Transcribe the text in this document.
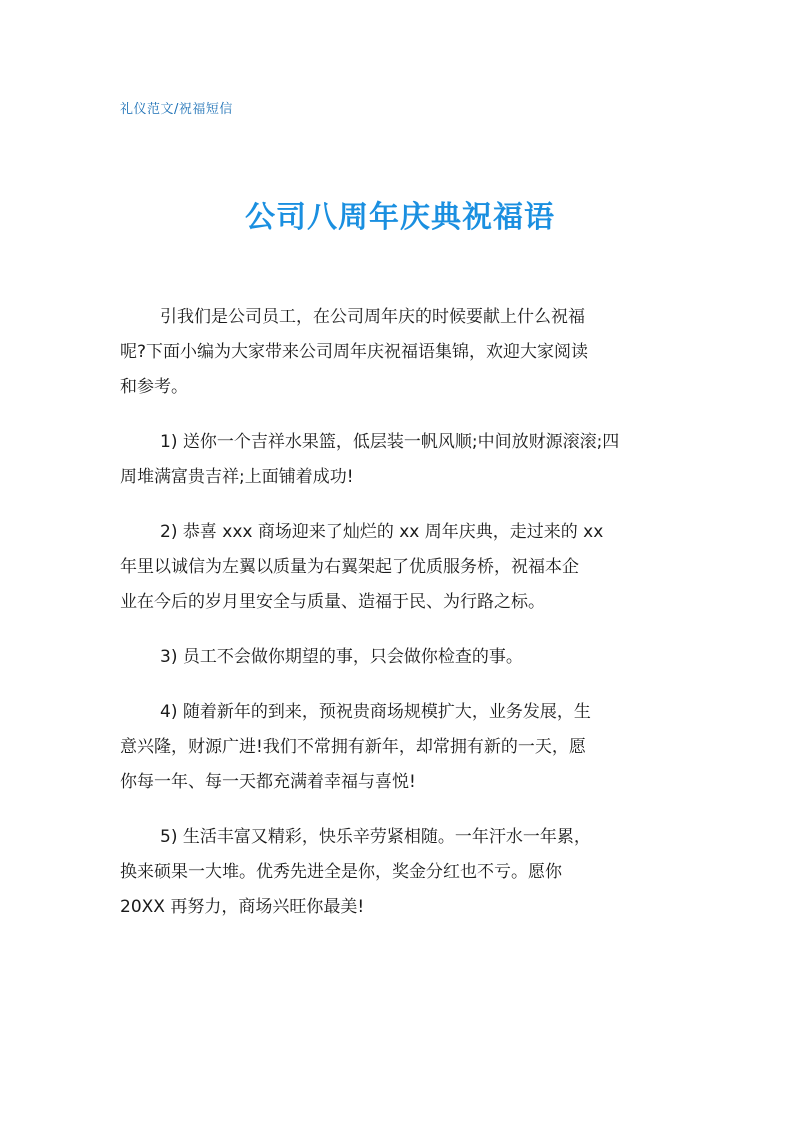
礼仪范文/祝福短信
公司八周年庆典祝福语

引我们是公司员工，在公司周年庆的时候要献上什么祝福
呢?下面小编为大家带来公司周年庆祝福语集锦，欢迎大家阅读
和参考。

1) 送你一个吉祥水果篮，低层装一帆风顺;中间放财源滚滚;四
周堆满富贵吉祥;上面铺着成功!

2) 恭喜 xxx 商场迎来了灿烂的 xx 周年庆典，走过来的 xx
年里以诚信为左翼以质量为右翼架起了优质服务桥，祝福本企
业在今后的岁月里安全与质量、造福于民、为行路之标。

3) 员工不会做你期望的事，只会做你检查的事。

4) 随着新年的到来，预祝贵商场规模扩大，业务发展，生
意兴隆，财源广进!我们不常拥有新年，却常拥有新的一天，愿
你每一年、每一天都充满着幸福与喜悦!

5) 生活丰富又精彩，快乐辛劳紧相随。一年汗水一年累，
换来硕果一大堆。优秀先进全是你，奖金分红也不亏。愿你
20XX 再努力，商场兴旺你最美!
